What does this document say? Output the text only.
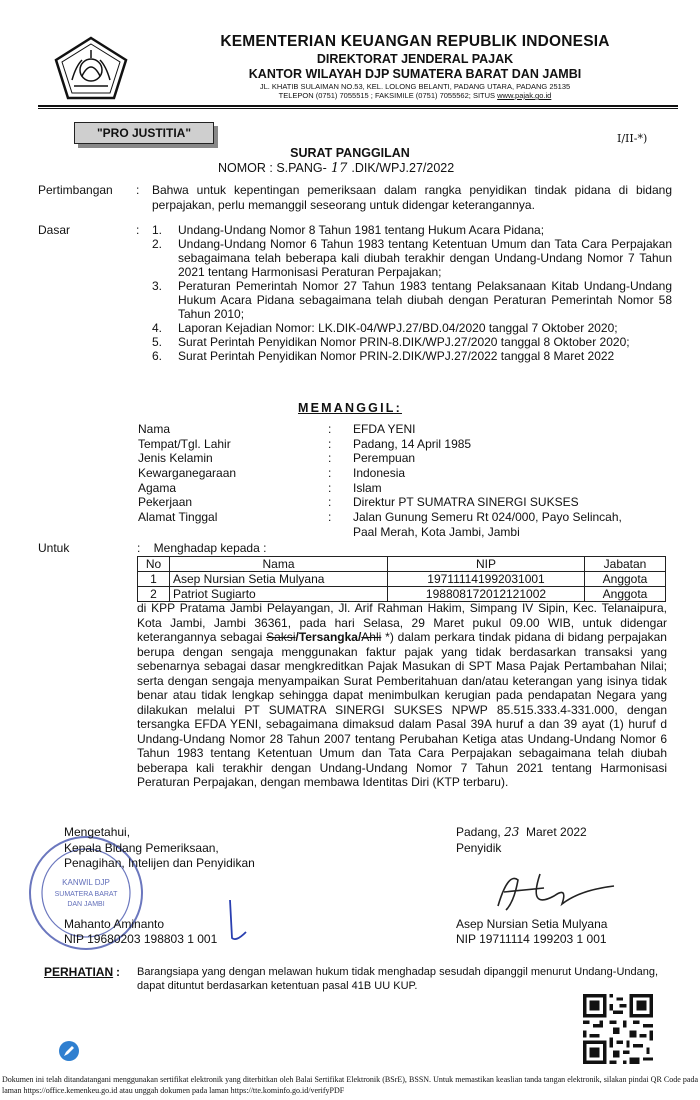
KEMENTERIAN KEUANGAN REPUBLIK INDONESIA
DIREKTORAT JENDERAL PAJAK
KANTOR WILAYAH DJP SUMATERA BARAT DAN JAMBI
JL. KHATIB SULAIMAN NO.53, KEL. LOLONG BELANTI, PADANG UTARA, PADANG 25135
TELEPON (0751) 7055515 ; FAKSIMILE (0751) 7055562; SITUS www.pajak.go.id
"PRO JUSTITIA"	I/II-*)
SURAT PANGGILAN
NOMOR : S.PANG- 17 .DIK/WPJ.27/2022
Pertimbangan : Bahwa untuk kepentingan pemeriksaan dalam rangka penyidikan tindak pidana di bidang perpajakan, perlu memanggil seseorang untuk didengar keterangannya.
Dasar	: 1.	Undang-Undang Nomor 8 Tahun 1981 tentang Hukum Acara Pidana;
2.	Undang-Undang Nomor 6 Tahun 1983 tentang Ketentuan Umum dan Tata Cara Perpajakan sebagaimana telah beberapa kali diubah terakhir dengan Undang-Undang Nomor 7 Tahun 2021 tentang Harmonisasi Peraturan Perpajakan;
3.	Peraturan Pemerintah Nomor 27 Tahun 1983 tentang Pelaksanaan Kitab Undang-Undang Hukum Acara Pidana sebagaimana telah diubah dengan Peraturan Pemerintah Nomor 58 Tahun 2010;
4.	Laporan Kejadian Nomor: LK.DIK-04/WPJ.27/BD.04/2020 tanggal 7 Oktober 2020;
5.	Surat Perintah Penyidikan Nomor PRIN-8.DIK/WPJ.27/2020 tanggal 8 Oktober 2020;
6.	Surat Perintah Penyidikan Nomor PRIN-2.DIK/WPJ.27/2022 tanggal 8 Maret 2022
MEMANGGIL:
Nama	:	EFDA YENI
Tempat/Tgl. Lahir	:	Padang, 14 April 1985
Jenis Kelamin	:	Perempuan
Kewarganegaraan	:	Indonesia
Agama	:	Islam
Pekerjaan	:	Direktur PT SUMATRA SINERGI SUKSES
Alamat Tinggal	:	Jalan Gunung Semeru Rt 024/000, Payo Selincah,
Paal Merah, Kota Jambi, Jambi
Untuk	:    Menghadap kepada :
No	Nama	NIP	Jabatan
1	Asep Nursian Setia Mulyana	197111141992031001	Anggota
2	Patriot Sugiarto	198808172012121002	Anggota
di KPP Pratama Jambi Pelayangan, Jl. Arif Rahman Hakim, Simpang IV Sipin, Kec. Telanaipura, Kota Jambi, Jambi 36361, pada hari Selasa, 29 Maret pukul 09.00 WIB, untuk didengar keterangannya sebagai Saksi/Tersangka/Ahli *) dalam perkara tindak pidana di bidang perpajakan berupa dengan sengaja menggunakan faktur pajak yang tidak berdasarkan transaksi yang sebenarnya sebagai dasar mengkreditkan Pajak Masukan di SPT Masa Pajak Pertambahan Nilai; serta dengan sengaja menyampaikan Surat Pemberitahuan dan/atau keterangan yang isinya tidak benar atau tidak lengkap sehingga dapat menimbulkan kerugian pada pendapatan Negara yang dilakukan melalui PT SUMATRA SINERGI SUKSES NPWP 85.515.333.4-331.000, dengan tersangka EFDA YENI, sebagaimana dimaksud dalam Pasal 39A huruf a dan 39 ayat (1) huruf d Undang-Undang Nomor 28 Tahun 2007 tentang Perubahan Ketiga atas Undang-Undang Nomor 6 Tahun 1983 tentang Ketentuan Umum dan Tata Cara Perpajakan sebagaimana telah diubah beberapa kali terakhir dengan Undang-Undang Nomor 7 Tahun 2021 tentang Harmonisasi Peraturan Perpajakan, dengan membawa Identitas Diri (KTP terbaru).
KANWIL DJP
SUMATERA BARAT
DAN JAMBI
Mengetahui,
Kepala Bidang Pemeriksaan,
Penagihan, Intelijen dan Penyidikan
Padang, 23 Maret 2022
Penyidik
Mahanto Aminanto
NIP 19680203 198803 1 001
Asep Nursian Setia Mulyana
NIP 19711114 199203 1 001
PERHATIAN : Barangsiapa yang dengan melawan hukum tidak menghadap sesudah dipanggil menurut Undang-Undang, dapat dituntut berdasarkan ketentuan pasal 41B UU KUP.
Dokumen ini telah ditandatangani menggunakan sertifikat elektronik yang diterbitkan oleh Balai Sertifikat Elektronik (BSrE), BSSN. Untuk memastikan keaslian tanda tangan elektronik, silakan pindai QR Code pada laman https://office.kemenkeu.go.id atau unggah dokumen pada laman https://tte.kominfo.go.id/verifyPDF
